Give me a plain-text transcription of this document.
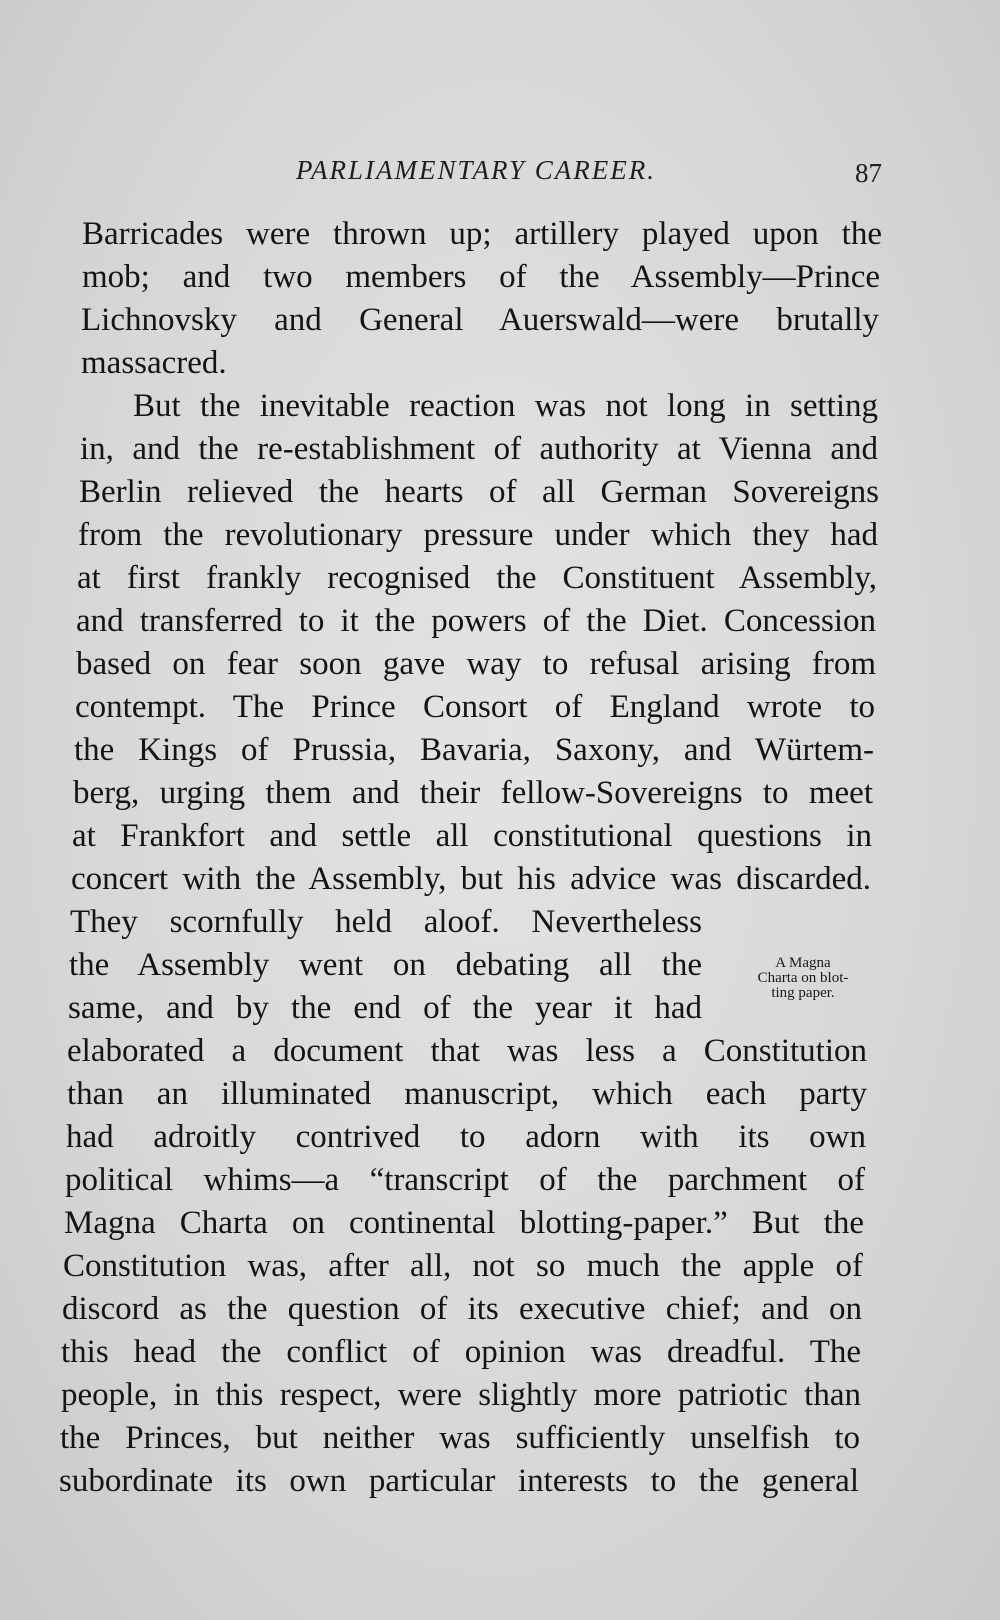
PARLIAMENTARY CAREER.	87
Barricades were thrown up; artillery played upon the
mob; and two members of the Assembly—Prince
Lichnovsky and General Auerswald—were brutally
massacred.
But the inevitable reaction was not long in setting
in, and the re-establishment of authority at Vienna and
Berlin relieved the hearts of all German Sovereigns
from the revolutionary pressure under which they had
at first frankly recognised the Constituent Assembly,
and transferred to it the powers of the Diet. Concession
based on fear soon gave way to refusal arising from
contempt. The Prince Consort of England wrote to
the Kings of Prussia, Bavaria, Saxony, and Würtem-
berg, urging them and their fellow-Sovereigns to meet
at Frankfort and settle all constitutional questions in
concert with the Assembly, but his advice was discarded.
They scornfully held aloof. Nevertheless
the Assembly went on debating all the
same, and by the end of the year it had
elaborated a document that was less a Constitution
than an illuminated manuscript, which each party
had adroitly contrived to adorn with its own
political whims—a “transcript of the parchment of
Magna Charta on continental blotting-paper.” But the
Constitution was, after all, not so much the apple of
discord as the question of its executive chief; and on
this head the conflict of opinion was dreadful. The
people, in this respect, were slightly more patriotic than
the Princes, but neither was sufficiently unselfish to
subordinate its own particular interests to the general
A Magna
Charta on blot-
ting paper.
